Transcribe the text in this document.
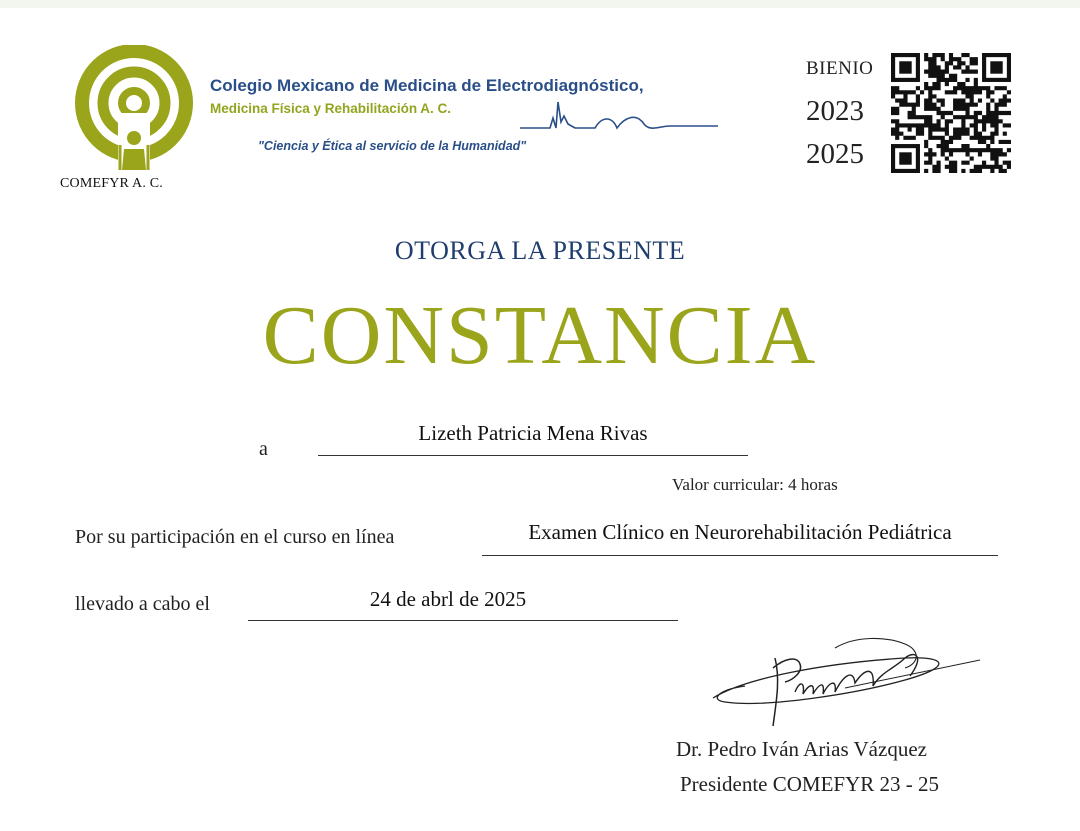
COMEFYR A. C.
Colegio Mexicano de Medicina de Electrodiagnóstico,
Medicina Física y Rehabilitación A. C.
"Ciencia y Ética al servicio de la Humanidad"
BIENIO
2023
2025
OTORGA LA PRESENTE
CONSTANCIA
a
Lizeth Patricia Mena Rivas
Valor curricular: 4 horas
Por su participación en el curso en línea	Examen Clínico en Neurorehabilitación Pediátrica
llevado a cabo el	24 de abrl de 2025
Dr. Pedro Iván Arias Vázquez
Presidente COMEFYR 23 - 25
